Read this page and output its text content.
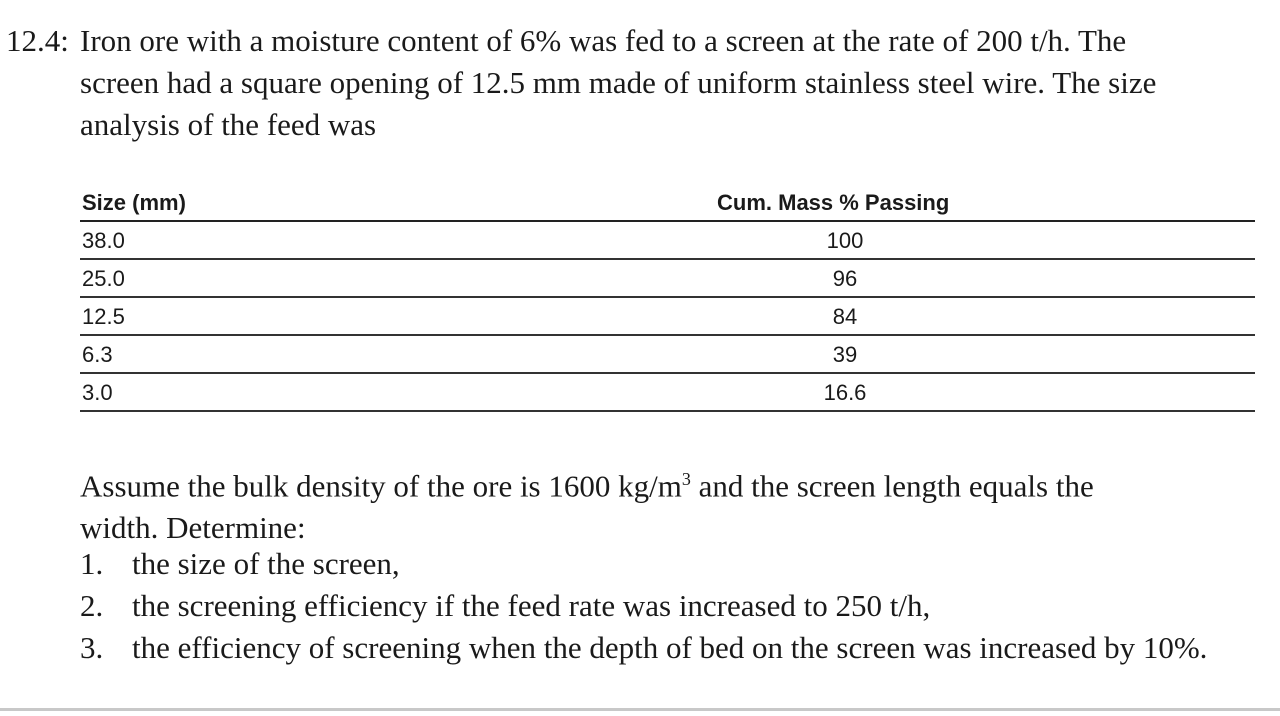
12.4: Iron ore with a moisture content of 6% was fed to a screen at the rate of 200 t/h. The
screen had a square opening of 12.5 mm made of uniform stainless steel wire. The size
analysis of the feed was
Size (mm)	Cum. Mass % Passing
38.0	100
25.0	96
12.5	84
6.3	39
3.0	16.6
Assume the bulk density of the ore is 1600 $kg/m^3$ and the screen length equals the
width. Determine:
1. the size of the screen,
2. the screening efficiency if the feed rate was increased to 250 t/h,
3. the efficiency of screening when the depth of bed on the screen was increased by 10%.
